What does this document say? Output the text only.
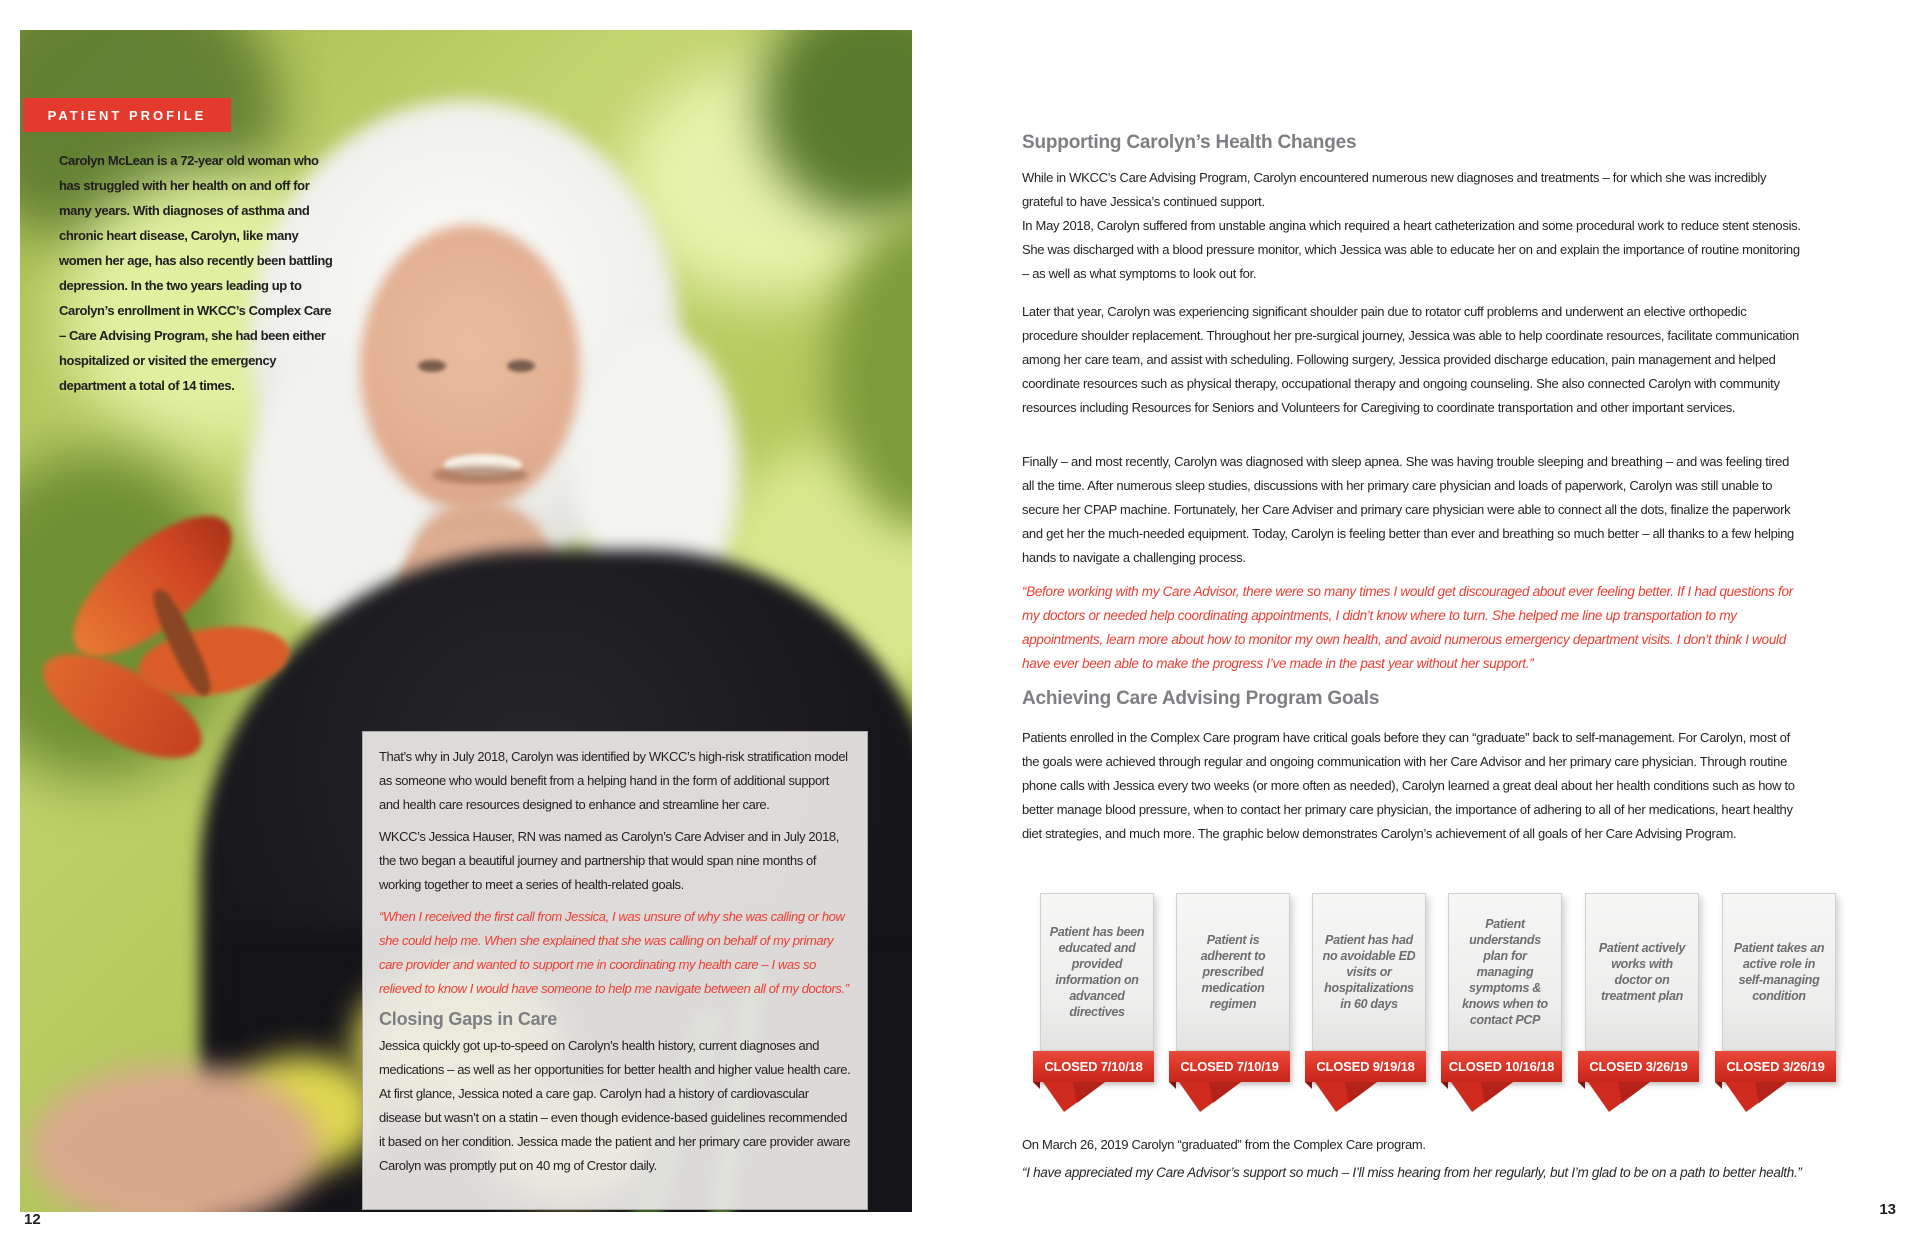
PATIENT PROFILE
Carolyn McLean is a 72-year old woman who has struggled with her health on and off for many years. With diagnoses of asthma and chronic heart disease, Carolyn, like many women her age, has also recently been battling depression. In the two years leading up to Carolyn’s enrollment in WKCC’s Complex Care – Care Advising Program, she had been either hospitalized or visited the emergency department a total of 14 times.

That’s why in July 2018, Carolyn was identified by WKCC’s high-risk stratification model as someone who would benefit from a helping hand in the form of additional support and health care resources designed to enhance and streamline her care.

WKCC’s Jessica Hauser, RN was named as Carolyn’s Care Adviser and in July 2018, the two began a beautiful journey and partnership that would span nine months of working together to meet a series of health-related goals.

“When I received the first call from Jessica, I was unsure of why she was calling or how she could help me. When she explained that she was calling on behalf of my primary care provider and wanted to support me in coordinating my health care – I was so relieved to know I would have someone to help me navigate between all of my doctors.”

Closing Gaps in Care

Jessica quickly got up-to-speed on Carolyn’s health history, current diagnoses and medications – as well as her opportunities for better health and higher value health care. At first glance, Jessica noted a care gap. Carolyn had a history of cardiovascular disease but wasn’t on a statin – even though evidence-based guidelines recommended it based on her condition. Jessica made the patient and her primary care provider aware Carolyn was promptly put on 40 mg of Crestor daily.

12
Supporting Carolyn’s Health Changes

While in WKCC’s Care Advising Program, Carolyn encountered numerous new diagnoses and treatments – for which she was incredibly grateful to have Jessica’s continued support.

In May 2018, Carolyn suffered from unstable angina which required a heart catheterization and some procedural work to reduce stent stenosis. She was discharged with a blood pressure monitor, which Jessica was able to educate her on and explain the importance of routine monitoring – as well as what symptoms to look out for.

Later that year, Carolyn was experiencing significant shoulder pain due to rotator cuff problems and underwent an elective orthopedic procedure shoulder replacement. Throughout her pre-surgical journey, Jessica was able to help coordinate resources, facilitate communication among her care team, and assist with scheduling. Following surgery, Jessica provided discharge education, pain management and helped coordinate resources such as physical therapy, occupational therapy and ongoing counseling. She also connected Carolyn with community resources including Resources for Seniors and Volunteers for Caregiving to coordinate transportation and other important services.

Finally – and most recently, Carolyn was diagnosed with sleep apnea. She was having trouble sleeping and breathing – and was feeling tired all the time. After numerous sleep studies, discussions with her primary care physician and loads of paperwork, Carolyn was still unable to secure her CPAP machine. Fortunately, her Care Adviser and primary care physician were able to connect all the dots, finalize the paperwork and get her the much-needed equipment. Today, Carolyn is feeling better than ever and breathing so much better – all thanks to a few helping hands to navigate a challenging process.

“Before working with my Care Advisor, there were so many times I would get discouraged about ever feeling better. If I had questions for my doctors or needed help coordinating appointments, I didn’t know where to turn. She helped me line up transportation to my appointments, learn more about how to monitor my own health, and avoid numerous emergency department visits. I don’t think I would have ever been able to make the progress I’ve made in the past year without her support.”

Achieving Care Advising Program Goals

Patients enrolled in the Complex Care program have critical goals before they can “graduate” back to self-management. For Carolyn, most of the goals were achieved through regular and ongoing communication with her Care Advisor and her primary care physician. Through routine phone calls with Jessica every two weeks (or more often as needed), Carolyn learned a great deal about her health conditions such as how to better manage blood pressure, when to contact her primary care physician, the importance of adhering to all of her medications, heart healthy diet strategies, and much more. The graphic below demonstrates Carolyn’s achievement of all goals of her Care Advising Program.

Patient has been educated and provided information on advanced directives
CLOSED 7/10/18
Patient is adherent to prescribed medication regimen
CLOSED 7/10/19
Patient has had no avoidable ED visits or hospitalizations in 60 days
CLOSED 9/19/18
Patient understands plan for managing symptoms & knows when to contact PCP
CLOSED 10/16/18
Patient actively works with doctor on treatment plan
CLOSED 3/26/19
Patient takes an active role in self-managing condition
CLOSED 3/26/19

On March 26, 2019 Carolyn “graduated” from the Complex Care program.

“I have appreciated my Care Advisor’s support so much – I’ll miss hearing from her regularly, but I’m glad to be on a path to better health.”

13
